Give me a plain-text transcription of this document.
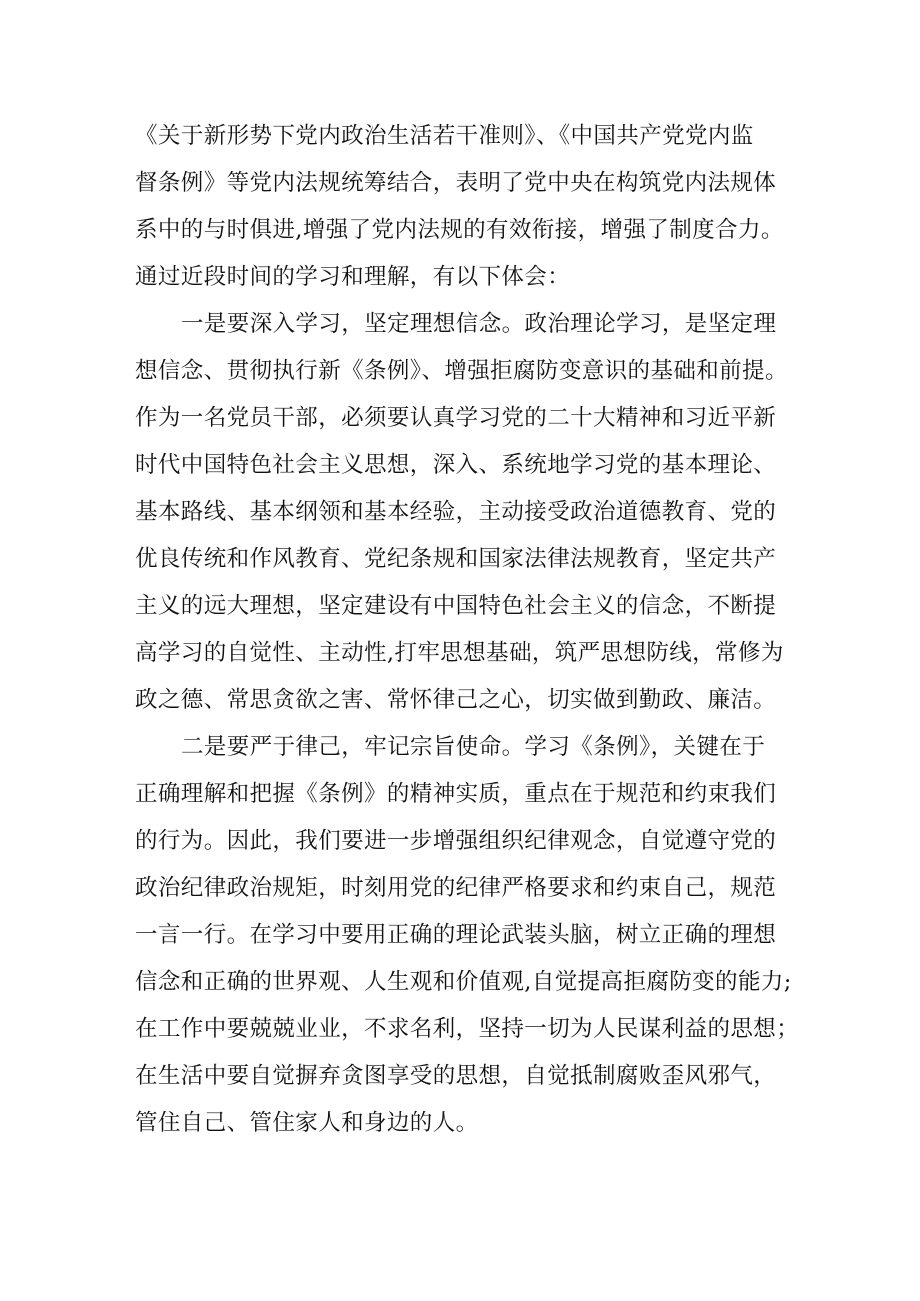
《关于新形势下党内政治生活若干准则》、《中国共产党党内监
督条例》等党内法规统筹结合，表明了党中央在构筑党内法规体
系中的与时俱进,增强了党内法规的有效衔接，增强了制度合力。
通过近段时间的学习和理解，有以下体会：
一是要深入学习，坚定理想信念。政治理论学习，是坚定理
想信念、贯彻执行新《条例》、增强拒腐防变意识的基础和前提。
作为一名党员干部，必须要认真学习党的二十大精神和习近平新
时代中国特色社会主义思想，深入、系统地学习党的基本理论、
基本路线、基本纲领和基本经验，主动接受政治道德教育、党的
优良传统和作风教育、党纪条规和国家法律法规教育，坚定共产
主义的远大理想，坚定建设有中国特色社会主义的信念，不断提
高学习的自觉性、主动性,打牢思想基础，筑严思想防线，常修为
政之德、常思贪欲之害、常怀律己之心，切实做到勤政、廉洁。
二是要严于律己，牢记宗旨使命。学习《条例》，关键在于
正确理解和把握《条例》的精神实质，重点在于规范和约束我们
的行为。因此，我们要进一步增强组织纪律观念，自觉遵守党的
政治纪律政治规矩，时刻用党的纪律严格要求和约束自己，规范
一言一行。在学习中要用正确的理论武装头脑，树立正确的理想
信念和正确的世界观、人生观和价值观,自觉提高拒腐防变的能力;
在工作中要兢兢业业，不求名利，坚持一切为人民谋利益的思想；
在生活中要自觉摒弃贪图享受的思想，自觉抵制腐败歪风邪气，
管住自己、管住家人和身边的人。
